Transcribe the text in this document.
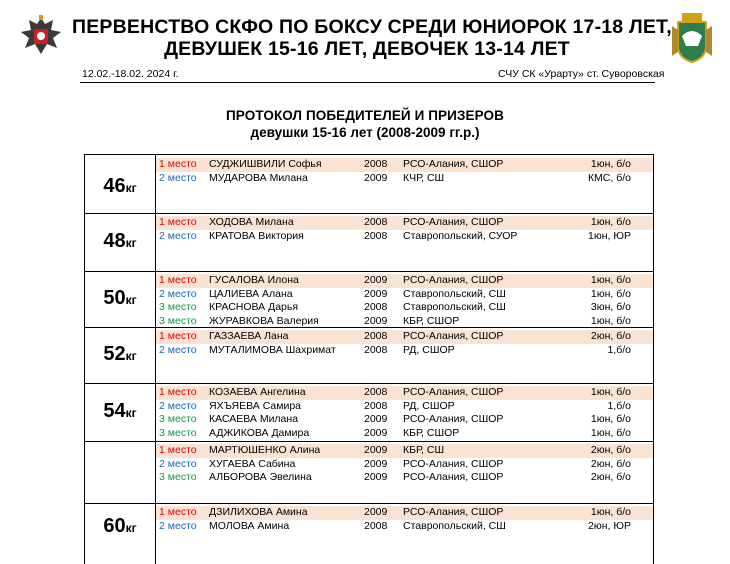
ПЕРВЕНСТВО СКФО ПО БОКСУ СРЕДИ ЮНИОРОК 17-18 ЛЕТ,
ДЕВУШЕК 15-16 ЛЕТ, ДЕВОЧЕК 13-14 ЛЕТ
12.02.-18.02. 2024 г.	СЧУ СК «Урарту» ст. Суворовская
ПРОТОКОЛ ПОБЕДИТЕЛЕЙ И ПРИЗЕРОВ
девушки 15-16 лет (2008-2009 гг.р.)
46кг
1 место СУДЖИШВИЛИ Софья	2008 РСО-Алания, СШОР	1юн, б/о
2 место МУДАРОВА Милана	2009 КЧР, СШ	КМС, б/о
48кг
1 место ХОДОВА Милана	2008 РСО-Алания, СШОР	1юн, б/о
2 место КРАТОВА Виктория	2008 Ставропольский, СУОР	1юн, ЮР
50кг
1 место ГУСАЛОВА Илона	2009 РСО-Алания, СШОР	1юн, б/о
2 место ЦАЛИЕВА Алана	2009 Ставропольский, СШ	1юн, б/о
3 место КРАСНОВА Дарья	2008 Ставропольский, СШ	3юн, б/о
3 место ЖУРАВКОВА Валерия	2009 КБР, СШОР	1юн, б/о
52кг
1 место ГАЗЗАЕВА Лана	2008 РСО-Алания, СШОР	2юн, б/о
2 место МУТАЛИМОВА Шахримат	2008 РД, СШОР	1,б/о
54кг
1 место КОЗАЕВА Ангелина	2008 РСО-Алания, СШОР	1юн, б/о
2 место ЯХЪЯЕВА Самира	2008 РД, СШОР	1,б/о
3 место КАСАЕВА Милана	2009 РСО-Алания, СШОР	1юн, б/о
3 место АДЖИКОВА Дамира	2009 КБР, СШОР	1юн, б/о
1 место МАРТЮШЕНКО Алина	2009 КБР, СШ	2юн, б/о
2 место ХУГАЕВА Сабина	2009 РСО-Алания, СШОР	2юн, б/о
3 место АЛБОРОВА Эвелина	2009 РСО-Алания, СШОР	2юн, б/о
60кг
1 место ДЗИЛИХОВА Амина	2009 РСО-Алания, СШОР	1юн, б/о
2 место МОЛОВА Амина	2008 Ставропольский, СШ	2юн, ЮР
